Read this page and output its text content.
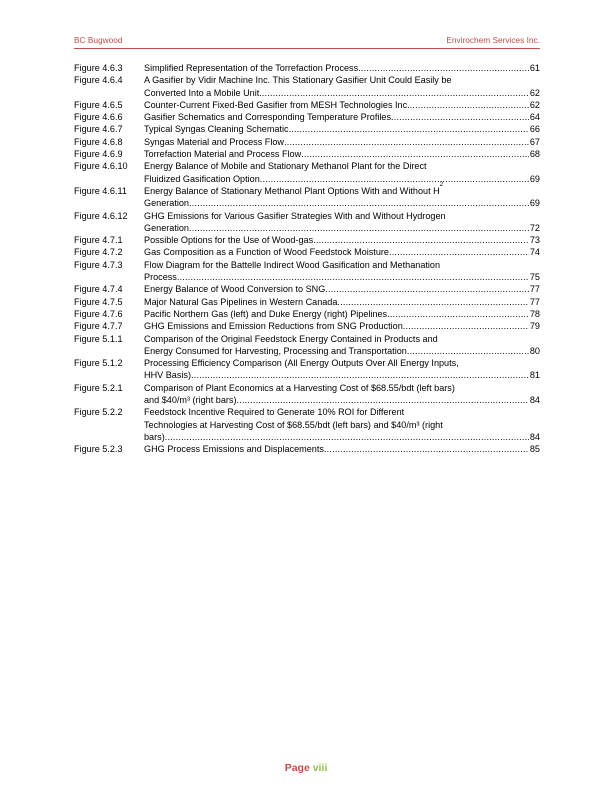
BC Bugwood	Envirochem Services Inc.
Figure 4.6.3	Simplified Representation of the Torrefaction Process .....	61
Figure 4.6.4	A Gasifier by Vidir Machine Inc. This Stationary Gasifier Unit Could Easily be
Converted Into a Mobile Unit. .....	62
Figure 4.6.5	Counter-Current Fixed-Bed Gasifier from MESH Technologies Inc. .....	62
Figure 4.6.6	Gasifier Schematics and Corresponding Temperature Profiles .....	64
Figure 4.6.7	Typical Syngas Cleaning Schematic .....	66
Figure 4.6.8	Syngas Material and Process Flow .....	67
Figure 4.6.9	Torrefaction Material and Process Flow .....	68
Figure 4.6.10	Energy Balance of Mobile and Stationary Methanol Plant for the Direct
Fluidized Gasification Option .....	69
Figure 4.6.11	Energy Balance of Stationary Methanol Plant Options With and Without H
2
Generation .....	69
Figure 4.6.12	GHG Emissions for Various Gasifier Strategies With and Without Hydrogen
Generation .....	72
Figure 4.7.1	Possible Options for the Use of Wood-gas .....	73
Figure 4.7.2	Gas Composition as a Function of Wood Feedstock Moisture .....	74
Figure 4.7.3	Flow Diagram for the Battelle Indirect Wood Gasification and Methanation
Process .....	75
Figure 4.7.4	Energy Balance of Wood Conversion to SNG .....	77
Figure 4.7.5	Major Natural Gas Pipelines in Western Canada .....	77
Figure 4.7.6	Pacific Northern Gas (left) and Duke Energy (right) Pipelines .....	78
Figure 4.7.7	GHG Emissions and Emission Reductions from SNG Production .....	79
Figure 5.1.1	Comparison of the Original Feedstock Energy Contained in Products and
Energy Consumed for Harvesting, Processing and Transportation .....	80
Figure 5.1.2	Processing Efficiency Comparison (All Energy Outputs Over All Energy Inputs,
HHV Basis) .....	81
Figure 5.2.1	Comparison of Plant Economics at a Harvesting Cost of $68.55/bdt (left bars)
and $40/m³ (right bars) .....	84
Figure 5.2.2	Feedstock Incentive Required to Generate 10% ROI for Different
Technologies at Harvesting Cost of $68.55/bdt (left bars) and $40/m³ (right
bars) .....	84
Figure 5.2.3	GHG Process Emissions and Displacements .....	85
Page viii
